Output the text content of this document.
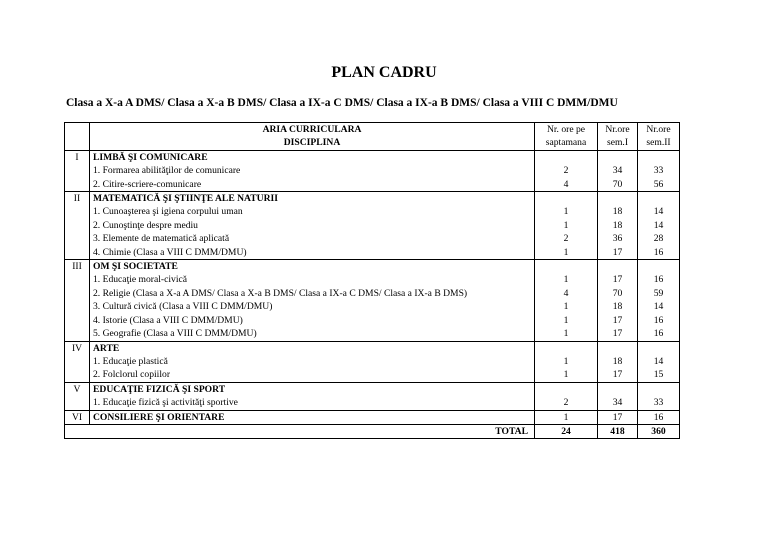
PLAN CADRU
Clasa a X-a A DMS/ Clasa a X-a B DMS/ Clasa a IX-a C DMS/ Clasa a IX-a B DMS/ Clasa a VIII C DMM/DMU
	ARIA CURRICULARA	Nr. ore pe	Nr.ore	Nr.ore
	DISCIPLINA	saptamana	sem.I	sem.II
I	LIMBĂ ŞI COMUNICARE			
	1. Formarea abilităţilor de comunicare	2	34	33
	2. Citire-scriere-comunicare	4	70	56
II	MATEMATICĂ ŞI ŞTIINŢE ALE NATURII			
	1. Cunoaşterea şi igiena corpului uman	1	18	14
	2. Cunoştinţe despre mediu	1	18	14
	3. Elemente de matematică aplicată	2	36	28
	4. Chimie (Clasa a VIII C DMM/DMU)	1	17	16
III	OM ŞI SOCIETATE			
	1. Educaţie moral-civică	1	17	16
	2. Religie (Clasa a X-a A DMS/ Clasa a X-a B DMS/ Clasa a IX-a C DMS/ Clasa a IX-a B DMS)	4	70	59
	3. Cultură civică (Clasa a VIII C DMM/DMU)	1	18	14
	4. Istorie (Clasa a VIII C DMM/DMU)	1	17	16
	5. Geografie (Clasa a VIII C DMM/DMU)	1	17	16
IV	ARTE			
	1. Educaţie plastică	1	18	14
	2. Folclorul copiilor	1	17	15
V	EDUCAŢIE FIZICĂ ŞI SPORT			
	1. Educaţie fizică şi activităţi sportive	2	34	33
VI	CONSILIERE ŞI ORIENTARE	1	17	16
TOTAL		24	418	360
